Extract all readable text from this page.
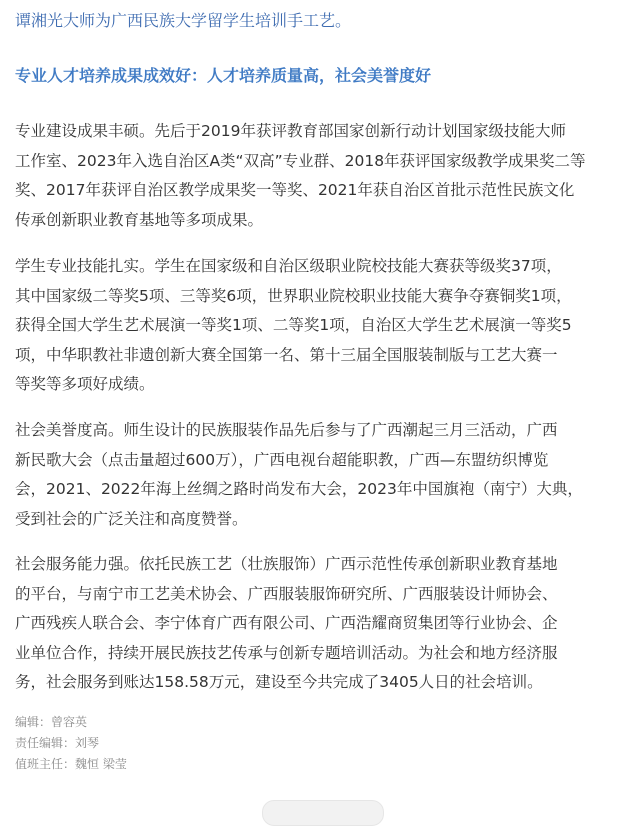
谭湘光大师为广西民族大学留学生培训手工艺。
专业人才培养成果成效好：人才培养质量高，社会美誉度好

专业建设成果丰硕。先后于2019年获评教育部国家创新行动计划国家级技能大师
工作室、2023年入选自治区A类“双高”专业群、2018年获评国家级教学成果奖二等
奖、2017年获评自治区教学成果奖一等奖、2021年获自治区首批示范性民族文化
传承创新职业教育基地等多项成果。

学生专业技能扎实。学生在国家级和自治区级职业院校技能大赛获等级奖37项，
其中国家级二等奖5项、三等奖6项，世界职业院校职业技能大赛争夺赛铜奖1项，
获得全国大学生艺术展演一等奖1项、二等奖1项，自治区大学生艺术展演一等奖5
项，中华职教社非遗创新大赛全国第一名、第十三届全国服装制版与工艺大赛一
等奖等多项好成绩。

社会美誉度高。师生设计的民族服装作品先后参与了广西潮起三月三活动，广西
新民歌大会（点击量超过600万），广西电视台超能职教，广西—东盟纺织博览
会，2021、2022年海上丝绸之路时尚发布大会，2023年中国旗袍（南宁）大典，
受到社会的广泛关注和高度赞誉。

社会服务能力强。依托民族工艺（壮族服饰）广西示范性传承创新职业教育基地
的平台，与南宁市工艺美术协会、广西服装服饰研究所、广西服装设计师协会、
广西残疾人联合会、李宁体育广西有限公司、广西浩耀商贸集团等行业协会、企
业单位合作，持续开展民族技艺传承与创新专题培训活动。为社会和地方经济服
务，社会服务到账达158.58万元，建设至今共完成了3405人日的社会培训。

编辑：曾容英
责任编辑：刘琴
值班主任：魏恒 梁莹
